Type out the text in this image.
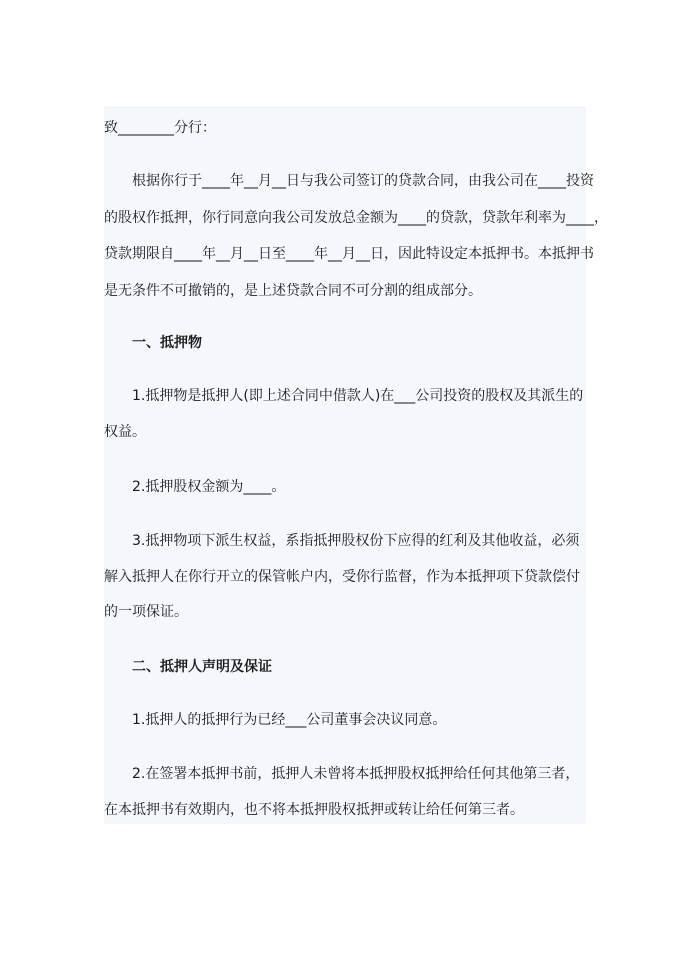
致________分行：
根据你行于____年__月__日与我公司签订的贷款合同，由我公司在____投资
的股权作抵押，你行同意向我公司发放总金额为____的贷款，贷款年利率为____，
贷款期限自____年__月__日至____年__月__日，因此特设定本抵押书。本抵押书
是无条件不可撤销的，是上述贷款合同不可分割的组成部分。
一、抵押物
1.抵押物是抵押人(即上述合同中借款人)在___公司投资的股权及其派生的
权益。
2.抵押股权金额为____。
3.抵押物项下派生权益，系指抵押股权份下应得的红利及其他收益，必须
解入抵押人在你行开立的保管帐户内，受你行监督，作为本抵押项下贷款偿付
的一项保证。
二、抵押人声明及保证
1.抵押人的抵押行为已经___公司董事会决议同意。
2.在签署本抵押书前，抵押人未曾将本抵押股权抵押给任何其他第三者，
在本抵押书有效期内，也不将本抵押股权抵押或转让给任何第三者。
